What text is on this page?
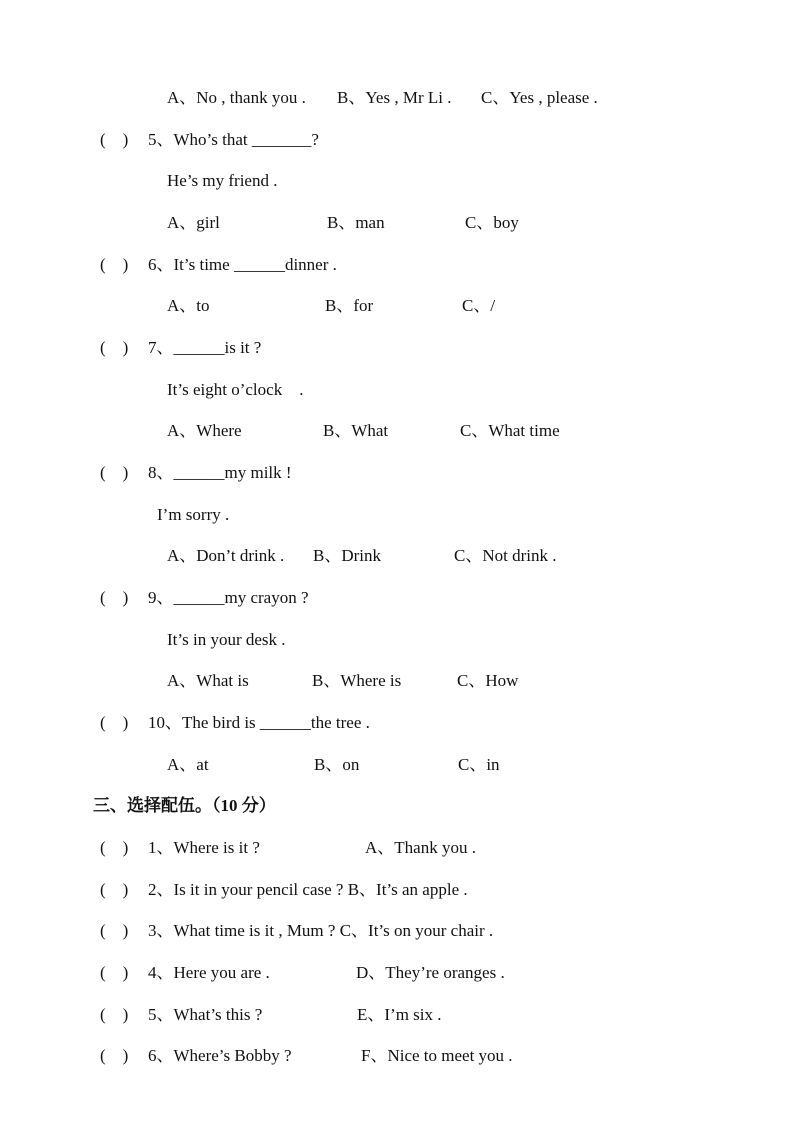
A、No , thank you . B、Yes , Mr Li . C、Yes , please .
(    ) 5、Who’s that _______?
He’s my friend .
A、girl	B、man	C、boy
(    ) 6、It’s time ______dinner .
A、to	B、for	C、/
(    ) 7、______is it ?
It’s eight o’clock    .
A、Where	B、What	C、What time
(    ) 8、______my milk !
I’m sorry .
A、Don’t drink . B、Drink	C、Not drink .
(    ) 9、______my crayon ?
It’s in your desk .
A、What is	B、Where is	C、How
(    ) 10、The bird is ______the tree .
A、at	B、on	C、in
三、选择配伍。（10 分）
(    ) 1、Where is it ?	A、Thank you .
(    ) 2、Is it in your pencil case ? B、It’s an apple .
(    ) 3、What time is it , Mum ? C、It’s on your chair .
(    ) 4、Here you are .	D、They’re oranges .
(    ) 5、What’s this ?	E、I’m six .
(    ) 6、Where’s Bobby ?	F、Nice to meet you .
